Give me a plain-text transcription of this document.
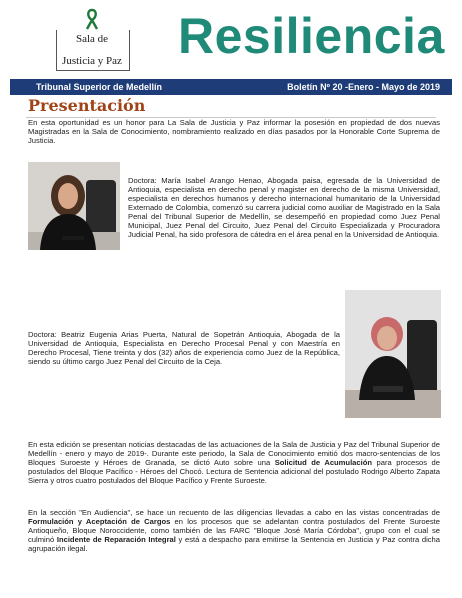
Sala de
Justicia y Paz Resiliencia
Tribunal Superior de Medellín	Boletín Nº 20 -Enero - Mayo de 2019
Presentación
En esta oportunidad es un honor para La Sala de Justicia y Paz informar la posesión en propiedad de dos nuevas Magistradas en la Sala de Conocimiento, nombramiento realizado en días pasados por la Honorable Corte Suprema de Justicia.
Doctora: María Isabel Arango Henao, Abogada paisa, egresada de la Universidad de Antioquia, especialista en derecho penal y magister en derecho de la misma Universidad, especialista en derechos humanos y derecho internacional humanitario de la Universidad Externado de Colombia, comenzó su carrera judicial como auxiliar de Magistrado en la Sala Penal del Tribunal Superior de Medellín, se desempeñó en propiedad como Juez Penal Municipal, Juez Penal del Circuito, Juez Penal del Circuito Especializada y Procuradora Judicial Penal, ha sido profesora de cátedra en el área penal en la Universidad de Antioquia.
Doctora: Beatriz Eugenia Arias Puerta, Natural de Sopetrán Antioquia, Abogada de la Universidad de Antioquia, Especialista en Derecho Procesal Penal y con Maestría en Derecho Procesal, Tiene treinta y dos (32) años de experiencia como Juez de la República, siendo su último cargo Juez Penal del Circuito de la Ceja.
En esta edición se presentan noticias destacadas de las actuaciones de la Sala de Justicia y Paz del Tribunal Superior de Medellín - enero y mayo de 2019-. Durante este periodo, la Sala de Conocimiento emitió dos macro-sentencias de los Bloques Suroeste y Héroes de Granada, se dictó Auto sobre una Solicitud de Acumulación para procesos de postulados del Bloque Pacífico - Héroes del Chocó. Lectura de Sentencia adicional del postulado Rodrigo Alberto Zapata Sierra y otros cuatro postulados del Bloque Pacífico y Frente Suroeste.
En la sección "En Audiencia", se hace un recuento de las diligencias llevadas a cabo en las vistas concentradas de Formulación y Aceptación de Cargos en los procesos que se adelantan contra postulados del Frente Suroeste Antioqueño, Bloque Noroccidente, como también de las FARC "Bloque José María Córdoba", grupo con el cual se culminó Incidente de Reparación Integral y está a despacho para emitirse la Sentencia en Justicia y Paz contra dicha agrupación ilegal.
